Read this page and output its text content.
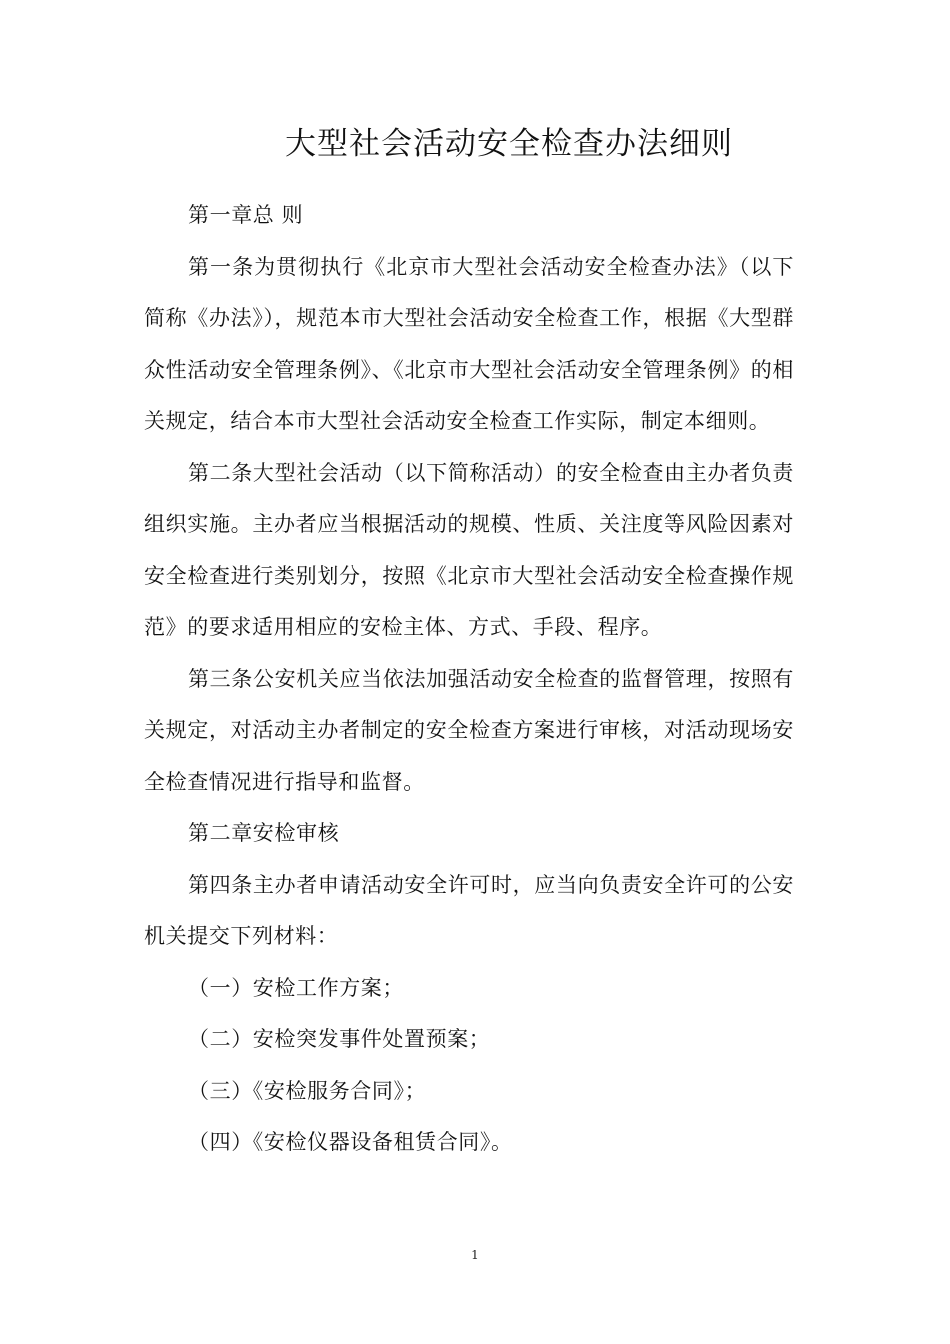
大型社会活动安全检查办法细则

第一章总 则

第一条为贯彻执行《北京市大型社会活动安全检查办法》（以下简称《办法》），规范本市大型社会活动安全检查工作，根据《大型群众性活动安全管理条例》、《北京市大型社会活动安全管理条例》的相关规定，结合本市大型社会活动安全检查工作实际，制定本细则。

第二条大型社会活动（以下简称活动）的安全检查由主办者负责组织实施。主办者应当根据活动的规模、性质、关注度等风险因素对安全检查进行类别划分，按照《北京市大型社会活动安全检查操作规范》的要求适用相应的安检主体、方式、手段、程序。

第三条公安机关应当依法加强活动安全检查的监督管理，按照有关规定，对活动主办者制定的安全检查方案进行审核，对活动现场安全检查情况进行指导和监督。

第二章安检审核

第四条主办者申请活动安全许可时，应当向负责安全许可的公安机关提交下列材料：

（一）安检工作方案；

（二）安检突发事件处置预案；

（三）《安检服务合同》；

（四）《安检仪器设备租赁合同》。

1
